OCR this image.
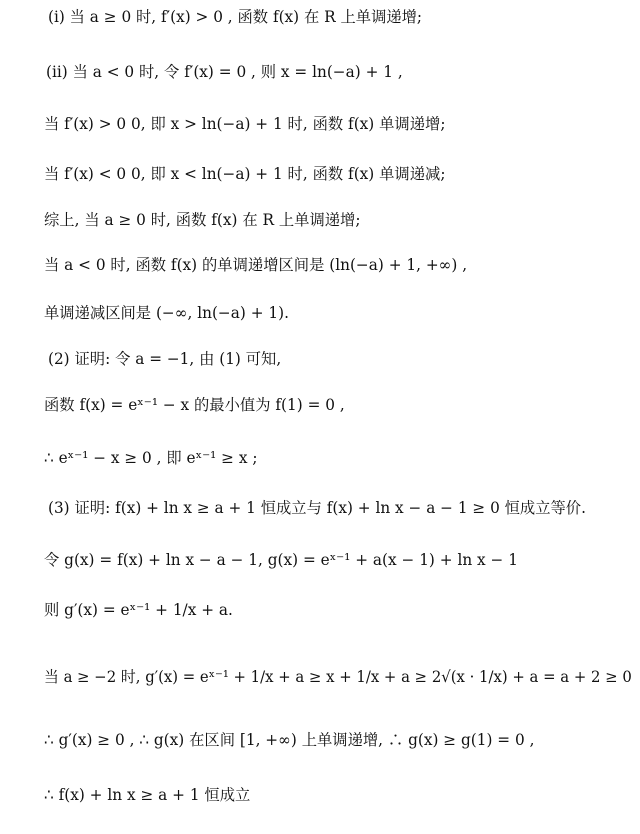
(i) 当 a ≥ 0 时, f′(x) > 0 , 函数 f(x) 在 R 上单调递增;
(ii) 当 a < 0 时, 令 f′(x) = 0 , 则 x = ln(−a) + 1 ,
当 f′(x) > 0 0, 即 x > ln(−a) + 1 时, 函数 f(x) 单调递增;
当 f′(x) < 0 0, 即 x < ln(−a) + 1 时, 函数 f(x) 单调递减;
综上, 当 a ≥ 0 时, 函数 f(x) 在 R 上单调递增;
当 a < 0 时, 函数 f(x) 的单调递增区间是 (ln(−a) + 1, +∞) ,
单调递减区间是 (−∞, ln(−a) + 1).
(2) 证明: 令 a = −1, 由 (1) 可知,
函数 f(x) = eˣ⁻¹ − x 的最小值为 f(1) = 0 ,
∴ eˣ⁻¹ − x ≥ 0 , 即 eˣ⁻¹ ≥ x ;
(3) 证明: f(x) + ln x ≥ a + 1 恒成立与 f(x) + ln x − a − 1 ≥ 0 恒成立等价.
令 g(x) = f(x) + ln x − a − 1, g(x) = eˣ⁻¹ + a(x − 1) + ln x − 1
则 g′(x) = eˣ⁻¹ + 1/x + a.
当 a ≥ −2 时, g′(x) = eˣ⁻¹ + 1/x + a ≥ x + 1/x + a ≥ 2√(x · 1/x) + a = a + 2 ≥ 0
∴ g′(x) ≥ 0 , ∴ g(x) 在区间 [1, +∞) 上单调递增, ∴ g(x) ≥ g(1) = 0 ,
∴ f(x) + ln x ≥ a + 1 恒成立
